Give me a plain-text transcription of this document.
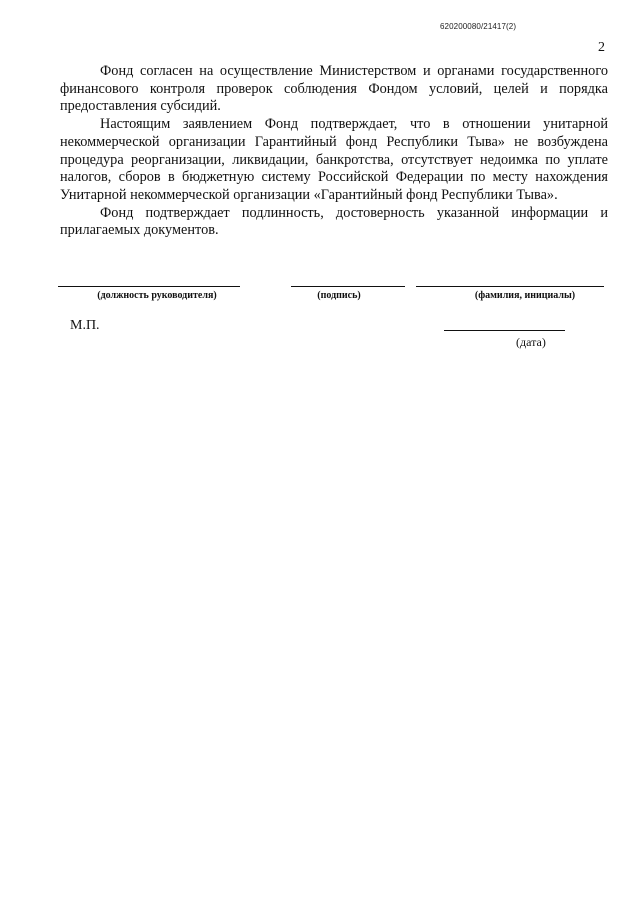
620200080/21417(2)
2

Фонд согласен на осуществление Министерством и органами государственного финансового контроля проверок соблюдения Фондом условий, целей и порядка предоставления субсидий.

Настоящим заявлением Фонд подтверждает, что в отношении унитарной некоммерческой организации Гарантийный фонд Республики Тыва» не возбуждена процедура реорганизации, ликвидации, банкротства, отсутствует недоимка по уплате налогов, сборов в бюджетную систему Российской Федерации по месту нахождения Унитарной некоммерческой организации «Гарантийный фонд Республики Тыва».

Фонд подтверждает подлинность, достоверность указанной информации и прилагаемых документов.

(должность руководителя)	(подпись)	(фамилия, инициалы)
М.П.
(дата)
